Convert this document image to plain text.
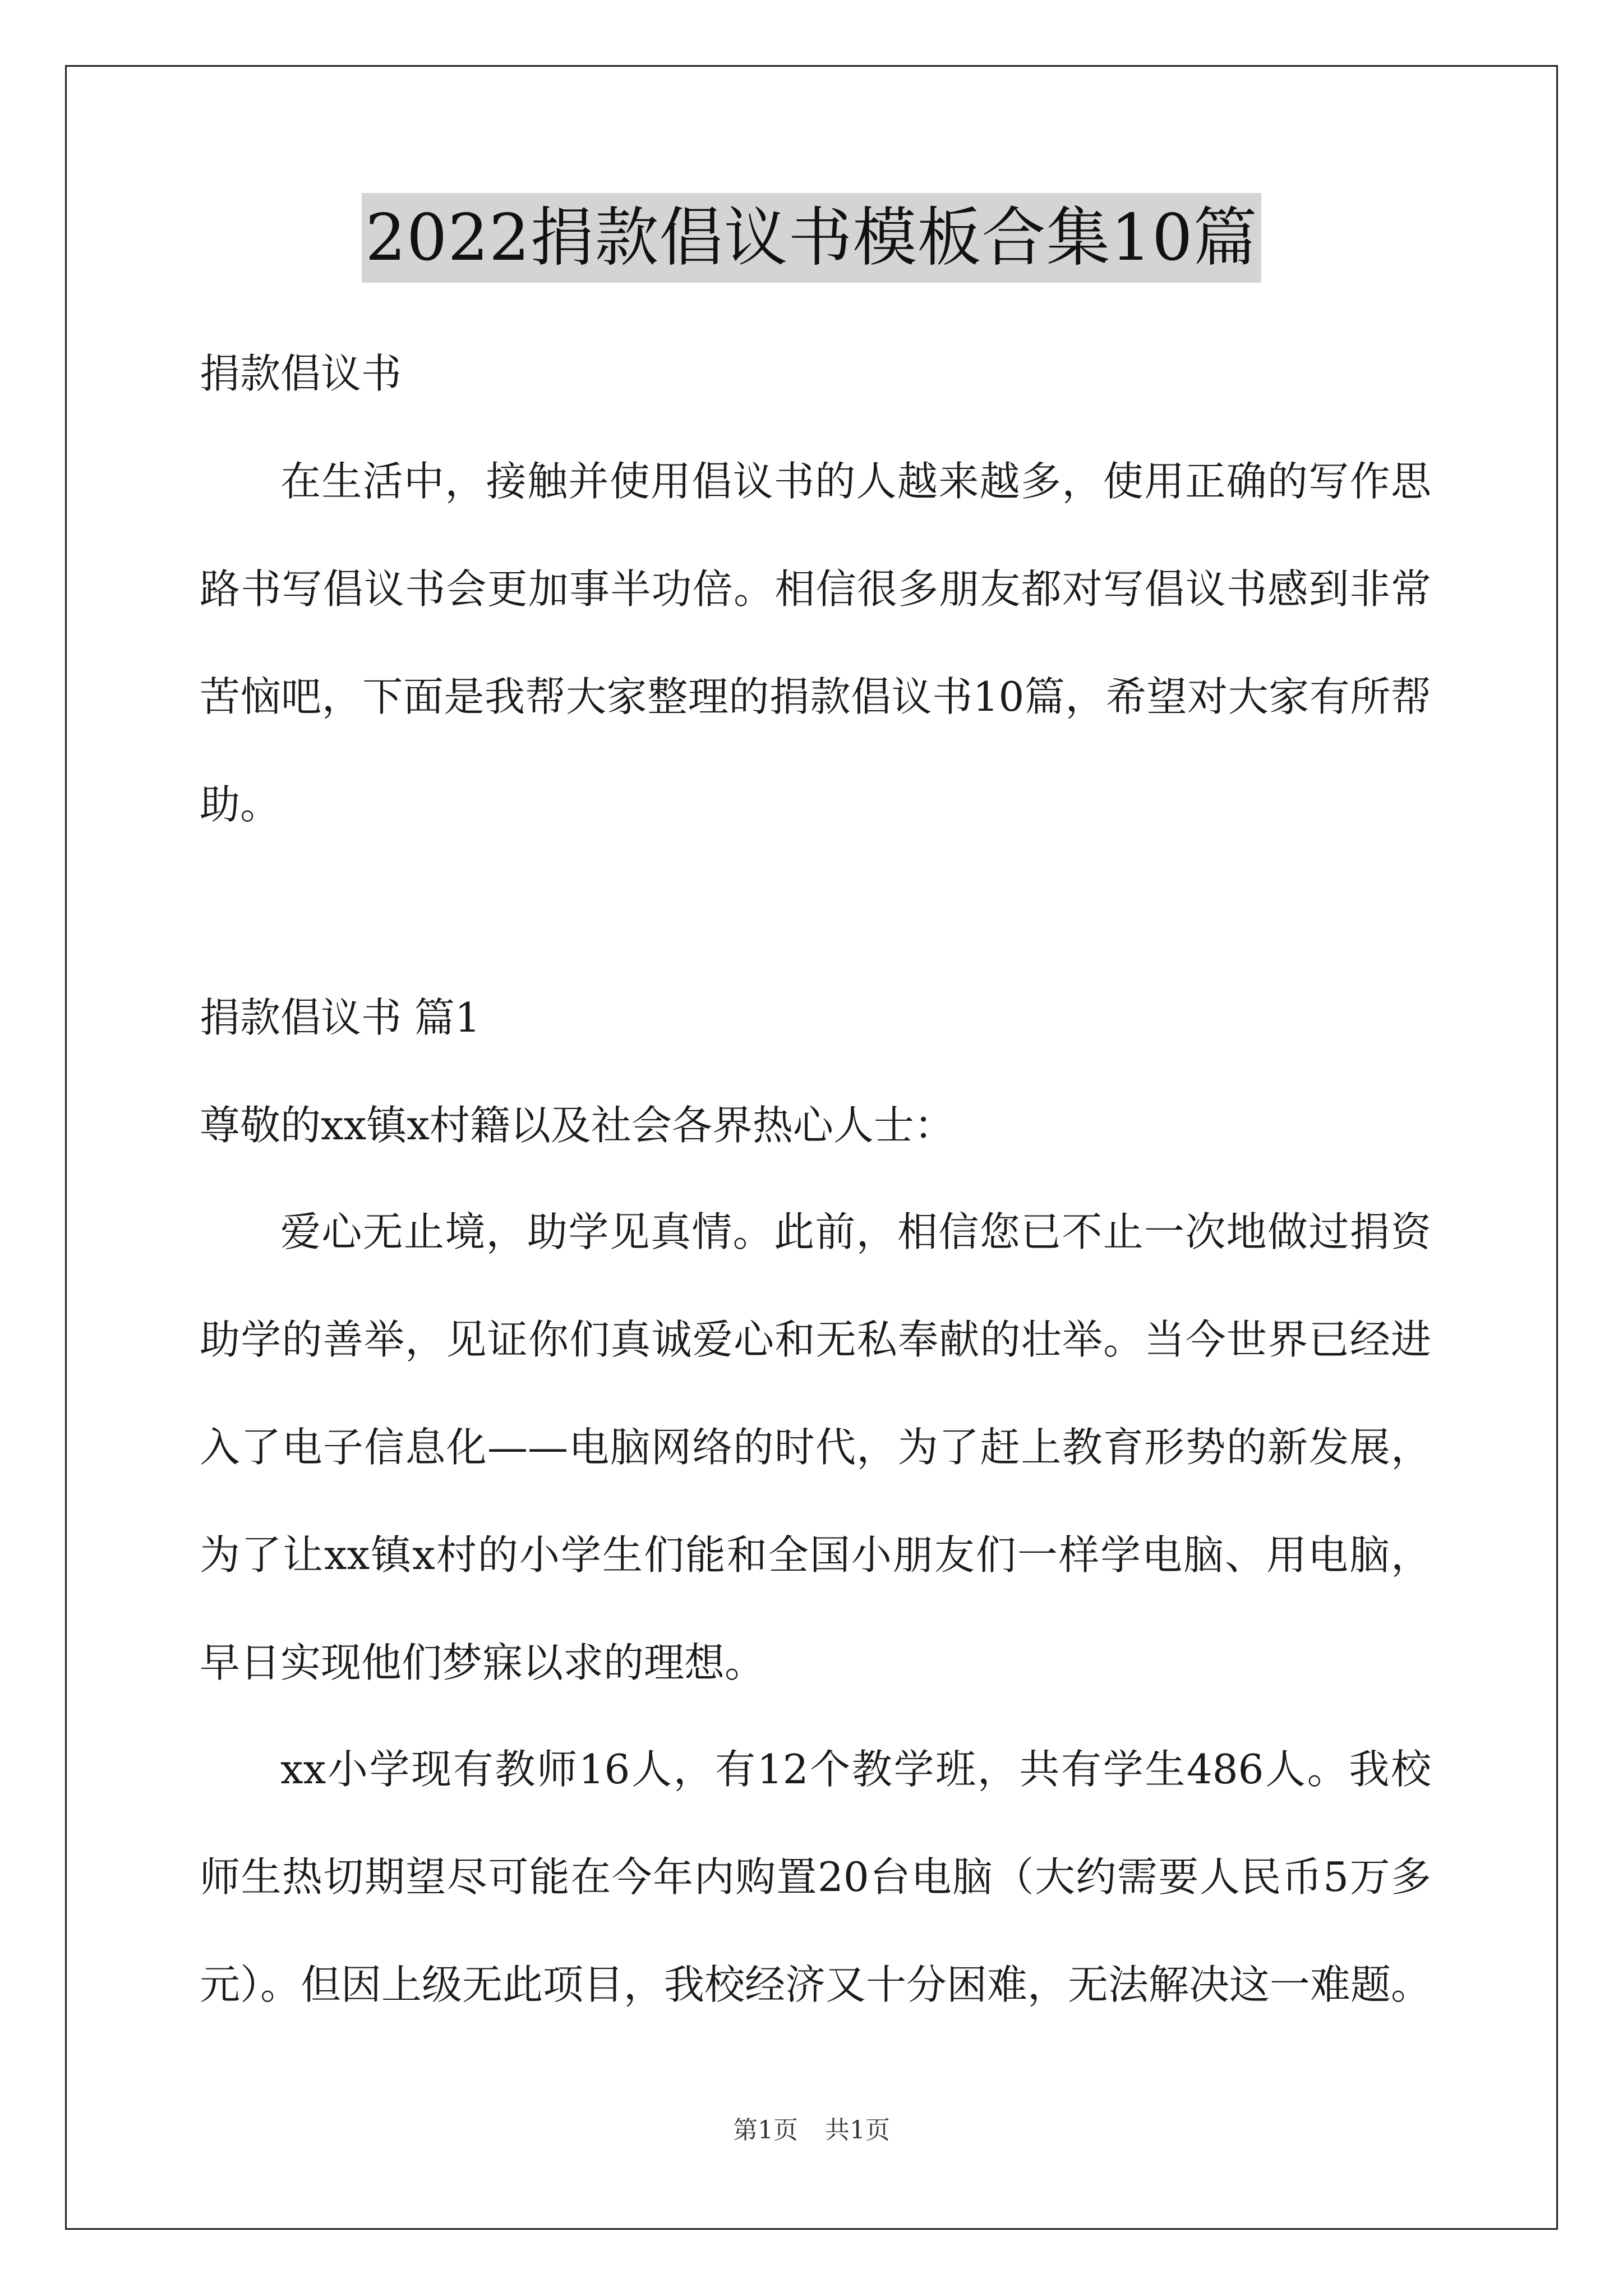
2022捐款倡议书模板合集10篇
捐款倡议书
在生活中，接触并使用倡议书的人越来越多，使用正确的写作思
路书写倡议书会更加事半功倍。相信很多朋友都对写倡议书感到非常
苦恼吧，下面是我帮大家整理的捐款倡议书10篇，希望对大家有所帮
助。
捐款倡议书 篇1
尊敬的xx镇x村籍以及社会各界热心人士：
爱心无止境，助学见真情。此前，相信您已不止一次地做过捐资
助学的善举，见证你们真诚爱心和无私奉献的壮举。当今世界已经进
入了电子信息化——电脑网络的时代，为了赶上教育形势的新发展，
为了让xx镇x村的小学生们能和全国小朋友们一样学电脑、用电脑，
早日实现他们梦寐以求的理想。
xx小学现有教师16人，有12个教学班，共有学生486人。我校
师生热切期望尽可能在今年内购置20台电脑（大约需要人民币5万多
元）。但因上级无此项目，我校经济又十分困难，无法解决这一难题。
第1页 共1页
